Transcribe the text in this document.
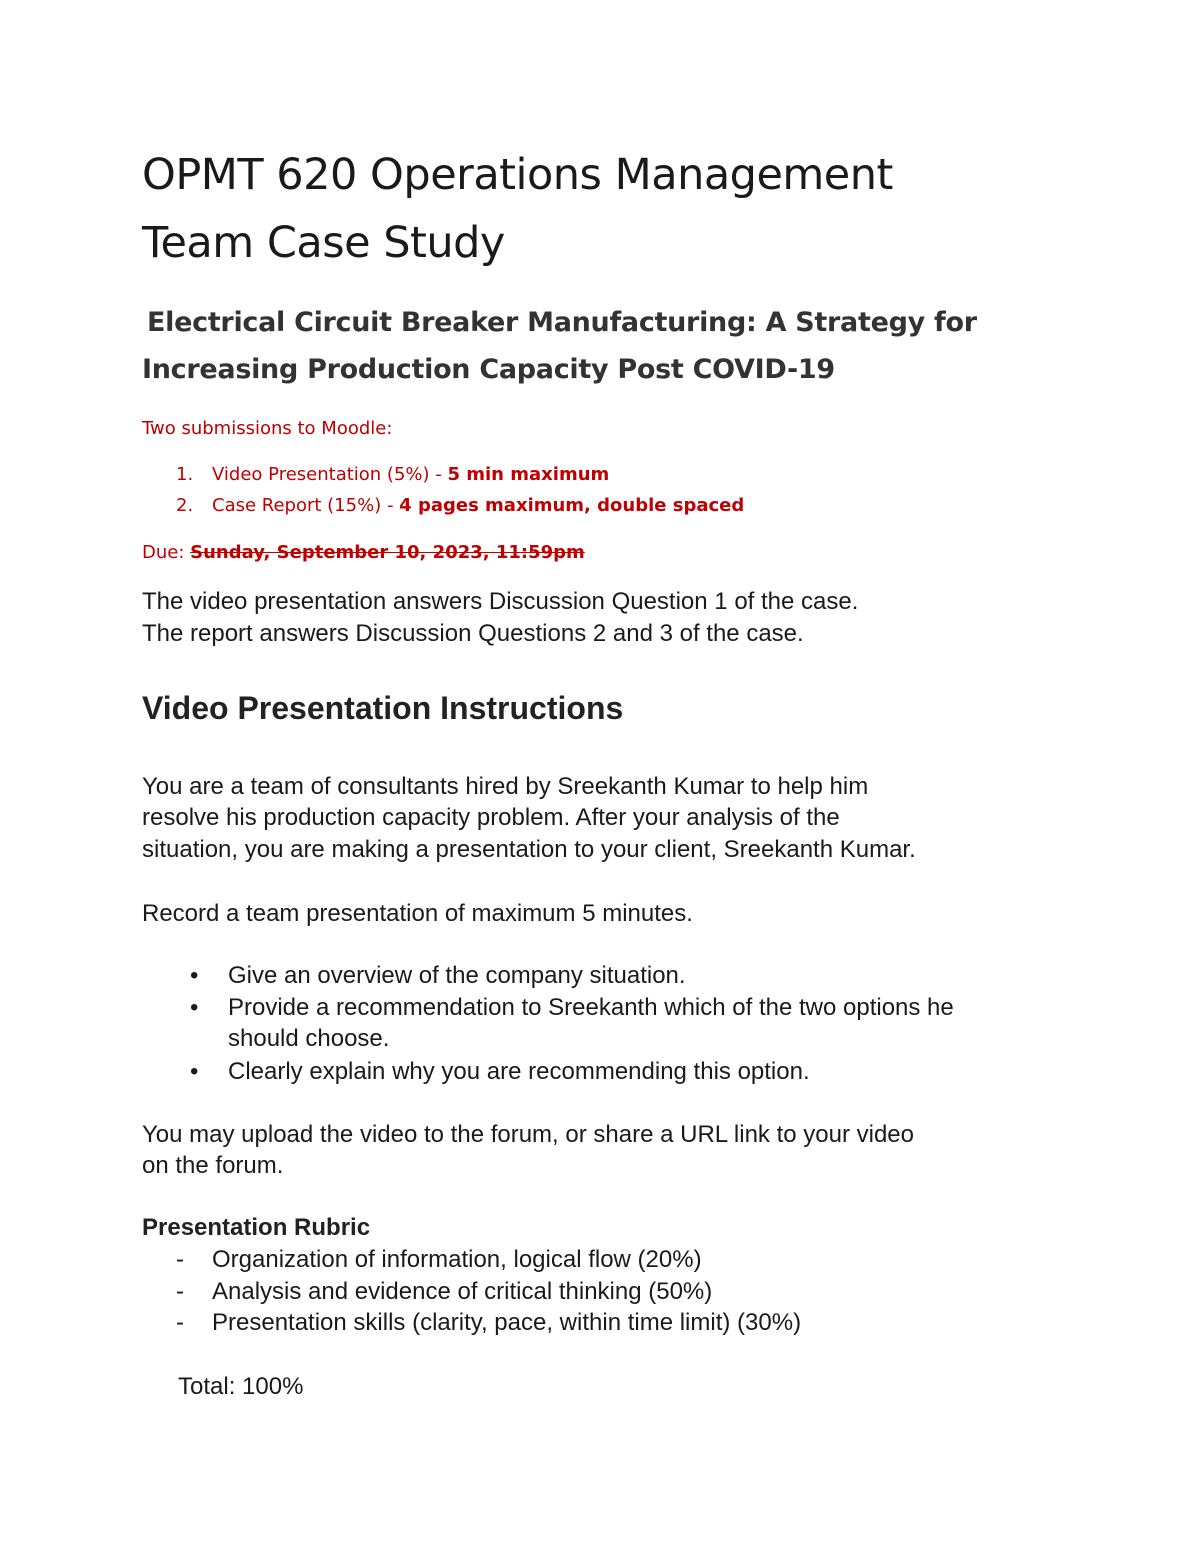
OPMT 620 Operations Management

Team Case Study

Electrical Circuit Breaker Manufacturing: A Strategy for

Increasing Production Capacity Post COVID-19

Two submissions to Moodle:

1. Video Presentation (5%) - 5 min maximum

2. Case Report (15%) - 4 pages maximum, double spaced

Due: Sunday, September 10, 2023, 11:59pm

The video presentation answers Discussion Question 1 of the case.

The report answers Discussion Questions 2 and 3 of the case.

Video Presentation Instructions

You are a team of consultants hired by Sreekanth Kumar to help him

resolve his production capacity problem. After your analysis of the

situation, you are making a presentation to your client, Sreekanth Kumar.

Record a team presentation of maximum 5 minutes.

• Give an overview of the company situation.

• Provide a recommendation to Sreekanth which of the two options he

should choose.

• Clearly explain why you are recommending this option.

You may upload the video to the forum, or share a URL link to your video

on the forum.

Presentation Rubric

- Organization of information, logical flow (20%)

- Analysis and evidence of critical thinking (50%)

- Presentation skills (clarity, pace, within time limit) (30%)

Total: 100%
